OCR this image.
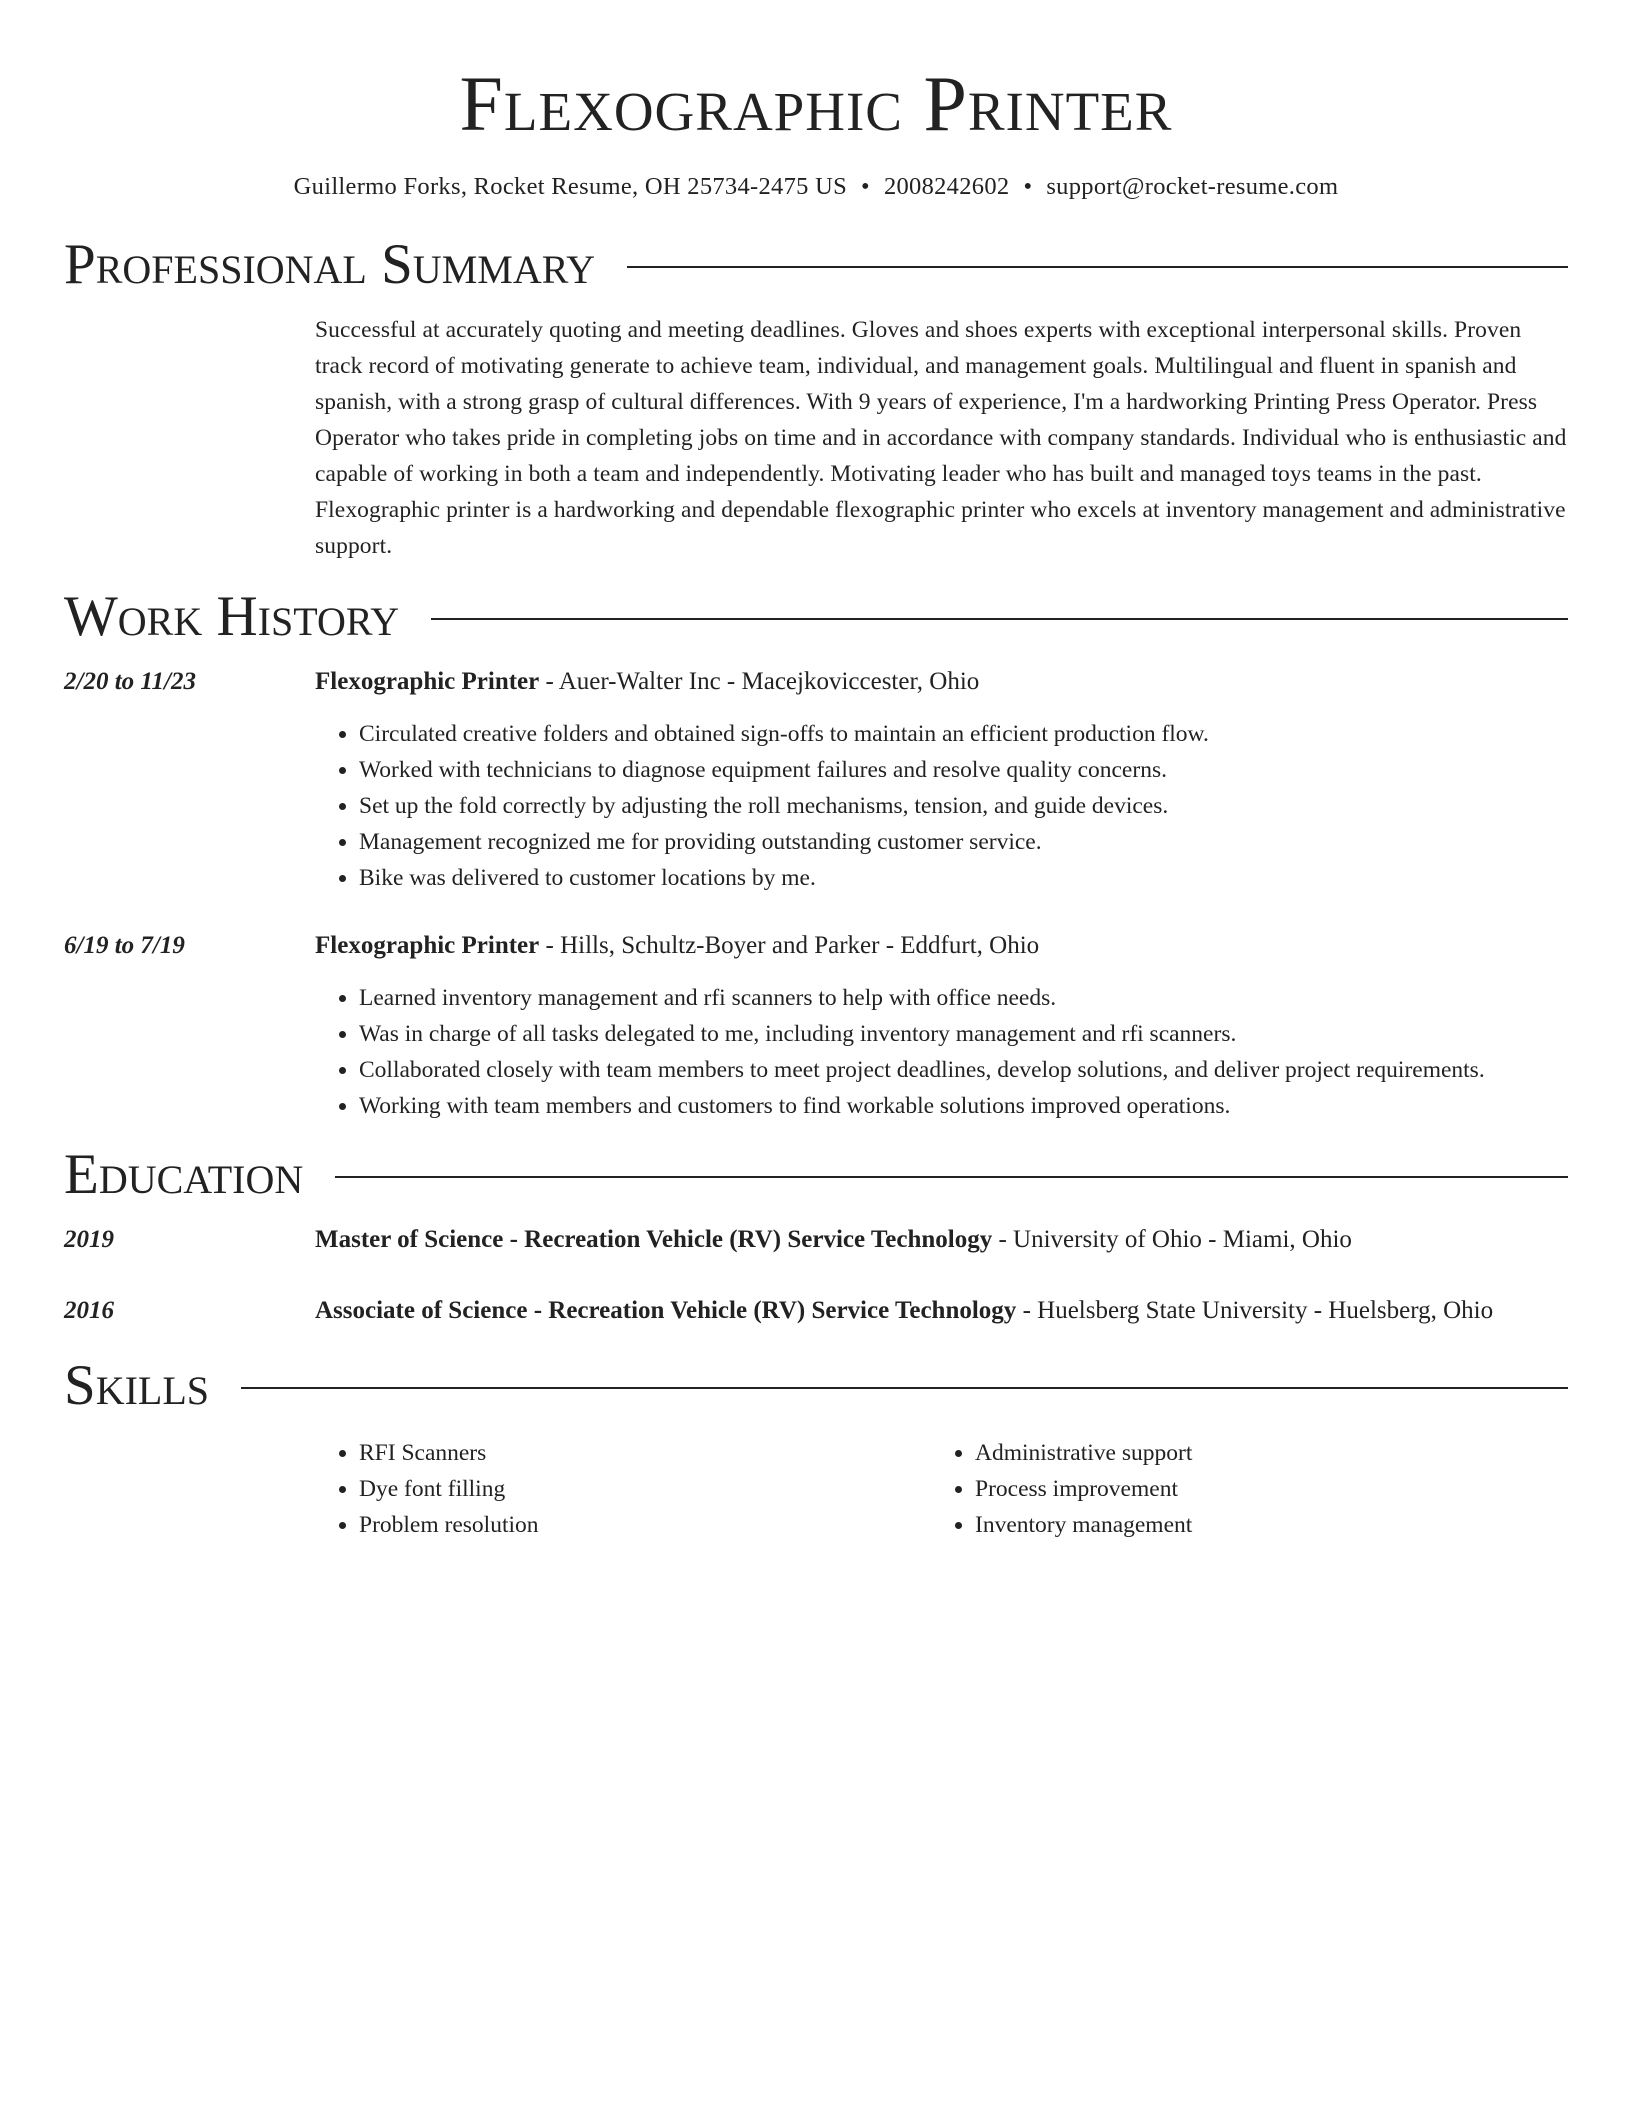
Flexographic Printer
Guillermo Forks, Rocket Resume, OH 25734-2475 US • 2008242602 • support@rocket-resume.com
Professional Summary
Successful at accurately quoting and meeting deadlines. Gloves and shoes experts with exceptional interpersonal skills. Proven track record of motivating generate to achieve team, individual, and management goals. Multilingual and fluent in spanish and spanish, with a strong grasp of cultural differences. With 9 years of experience, I'm a hardworking Printing Press Operator. Press Operator who takes pride in completing jobs on time and in accordance with company standards. Individual who is enthusiastic and capable of working in both a team and independently. Motivating leader who has built and managed toys teams in the past. Flexographic printer is a hardworking and dependable flexographic printer who excels at inventory management and administrative support.
Work History
2/20 to 11/23	Flexographic Printer - Auer-Walter Inc - Macejkoviccester, Ohio
• Circulated creative folders and obtained sign-offs to maintain an efficient production flow.
• Worked with technicians to diagnose equipment failures and resolve quality concerns.
• Set up the fold correctly by adjusting the roll mechanisms, tension, and guide devices.
• Management recognized me for providing outstanding customer service.
• Bike was delivered to customer locations by me.
6/19 to 7/19	Flexographic Printer - Hills, Schultz-Boyer and Parker - Eddfurt, Ohio
• Learned inventory management and rfi scanners to help with office needs.
• Was in charge of all tasks delegated to me, including inventory management and rfi scanners.
• Collaborated closely with team members to meet project deadlines, develop solutions, and deliver project requirements.
• Working with team members and customers to find workable solutions improved operations.
Education
2019	Master of Science - Recreation Vehicle (RV) Service Technology - University of Ohio - Miami, Ohio
2016	Associate of Science - Recreation Vehicle (RV) Service Technology - Huelsberg State University - Huelsberg, Ohio
Skills
• RFI Scanners
• Dye font filling
• Problem resolution
• Administrative support
• Process improvement
• Inventory management
